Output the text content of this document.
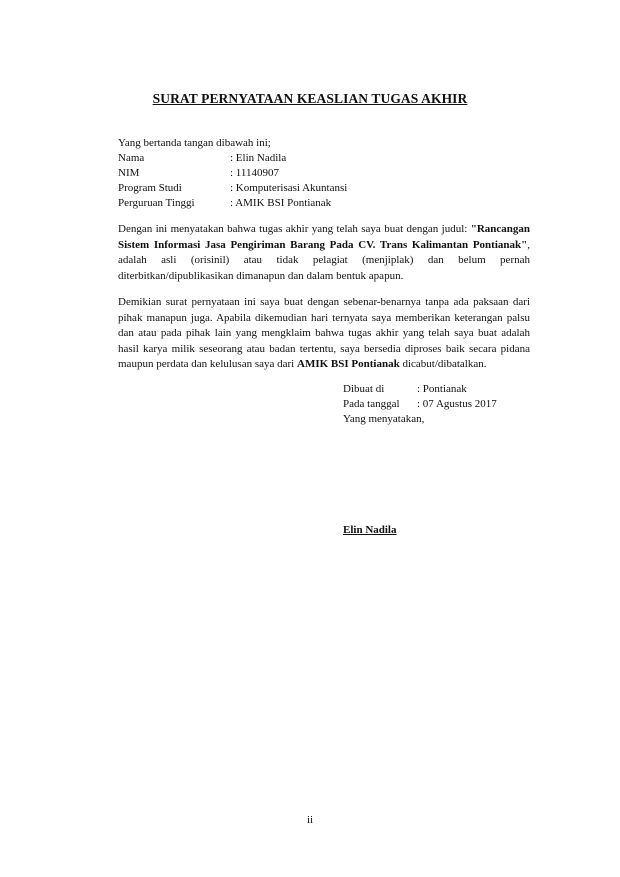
SURAT PERNYATAAN KEASLIAN TUGAS AKHIR
Yang bertanda tangan dibawah ini;
Nama	: Elin Nadila
NIM	: 11140907
Program Studi	: Komputerisasi Akuntansi
Perguruan Tinggi	: AMIK BSI Pontianak
Dengan ini menyatakan bahwa tugas akhir yang telah saya buat dengan judul: "Rancangan Sistem Informasi Jasa Pengiriman Barang Pada CV. Trans Kalimantan Pontianak", adalah asli (orisinil) atau tidak pelagiat (menjiplak) dan belum pernah diterbitkan/dipublikasikan dimanapun dan dalam bentuk apapun.
Demikian surat pernyataan ini saya buat dengan sebenar-benarnya tanpa ada paksaan dari pihak manapun juga. Apabila dikemudian hari ternyata saya memberikan keterangan palsu dan atau pada pihak lain yang mengklaim bahwa tugas akhir yang telah saya buat adalah hasil karya milik seseorang atau badan tertentu, saya bersedia diproses baik secara pidana maupun perdata dan kelulusan saya dari AMIK BSI Pontianak dicabut/dibatalkan.
Dibuat di	: Pontianak
Pada tanggal	: 07 Agustus 2017
Yang menyatakan,
Elin Nadila
ii
